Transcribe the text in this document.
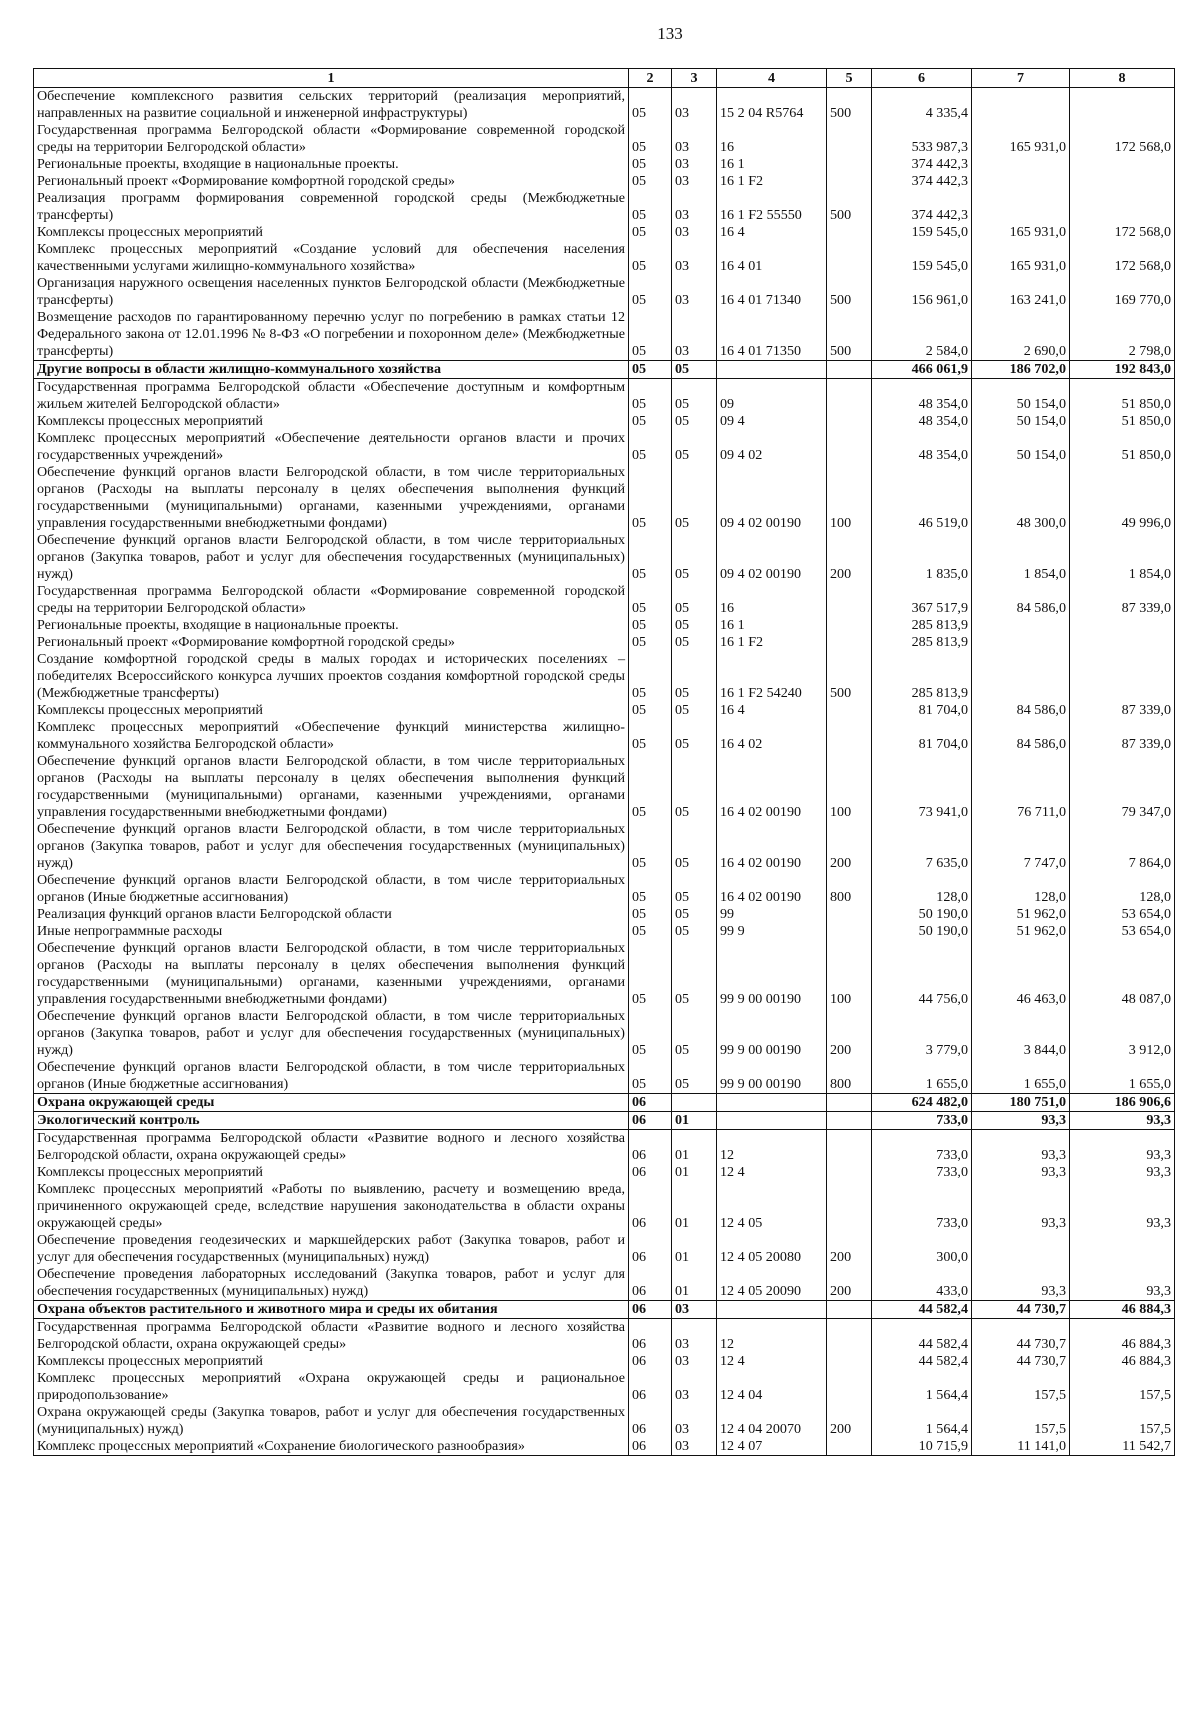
133
1	2	3	4	5	6	7	8
Обеспечение комплексного развития сельских территорий (реализация мероприятий, направленных на развитие социальной и инженерной инфраструктуры)	05	03	15 2 04 R5764	500	4 335,4		
Государственная программа Белгородской области «Формирование современной городской среды на территории Белгородской области»	05	03	16		533 987,3	165 931,0	172 568,0
Региональные проекты, входящие в национальные проекты.	05	03	16 1		374 442,3		
Региональный проект «Формирование комфортной городской среды»	05	03	16 1 F2		374 442,3		
Реализация программ формирования современной городской среды (Межбюджетные трансферты)	05	03	16 1 F2 55550	500	374 442,3		
Комплексы процессных мероприятий	05	03	16 4		159 545,0	165 931,0	172 568,0
Комплекс процессных мероприятий «Создание условий для обеспечения населения качественными услугами жилищно-коммунального хозяйства»	05	03	16 4 01		159 545,0	165 931,0	172 568,0
Организация наружного освещения населенных пунктов Белгородской области (Межбюджетные трансферты)	05	03	16 4 01 71340	500	156 961,0	163 241,0	169 770,0
Возмещение расходов по гарантированному перечню услуг по погребению в рамках статьи 12 Федерального закона от 12.01.1996 № 8-ФЗ «О погребении и похоронном деле» (Межбюджетные трансферты)	05	03	16 4 01 71350	500	2 584,0	2 690,0	2 798,0
Другие вопросы в области жилищно-коммунального хозяйства	05	05			466 061,9	186 702,0	192 843,0
Государственная программа Белгородской области «Обеспечение доступным и комфортным жильем жителей Белгородской области»	05	05	09		48 354,0	50 154,0	51 850,0
Комплексы процессных мероприятий	05	05	09 4		48 354,0	50 154,0	51 850,0
Комплекс процессных мероприятий «Обеспечение деятельности органов власти и прочих государственных учреждений»	05	05	09 4 02		48 354,0	50 154,0	51 850,0
Обеспечение функций органов власти Белгородской области, в том числе территориальных органов (Расходы на выплаты персоналу в целях обеспечения выполнения функций государственными (муниципальными) органами, казенными учреждениями, органами управления государственными внебюджетными фондами)	05	05	09 4 02 00190	100	46 519,0	48 300,0	49 996,0
Обеспечение функций органов власти Белгородской области, в том числе территориальных органов (Закупка товаров, работ и услуг для обеспечения государственных (муниципальных) нужд)	05	05	09 4 02 00190	200	1 835,0	1 854,0	1 854,0
Государственная программа Белгородской области «Формирование современной городской среды на территории Белгородской области»	05	05	16		367 517,9	84 586,0	87 339,0
Региональные проекты, входящие в национальные проекты.	05	05	16 1		285 813,9		
Региональный проект «Формирование комфортной городской среды»	05	05	16 1 F2		285 813,9		
Создание комфортной городской среды в малых городах и исторических поселениях – победителях Всероссийского конкурса лучших проектов создания комфортной городской среды (Межбюджетные трансферты)	05	05	16 1 F2 54240	500	285 813,9		
Комплексы процессных мероприятий	05	05	16 4		81 704,0	84 586,0	87 339,0
Комплекс процессных мероприятий «Обеспечение функций министерства жилищно-коммунального хозяйства Белгородской области»	05	05	16 4 02		81 704,0	84 586,0	87 339,0
Обеспечение функций органов власти Белгородской области, в том числе территориальных органов (Расходы на выплаты персоналу в целях обеспечения выполнения функций государственными (муниципальными) органами, казенными учреждениями, органами управления государственными внебюджетными фондами)	05	05	16 4 02 00190	100	73 941,0	76 711,0	79 347,0
Обеспечение функций органов власти Белгородской области, в том числе территориальных органов (Закупка товаров, работ и услуг для обеспечения государственных (муниципальных) нужд)	05	05	16 4 02 00190	200	7 635,0	7 747,0	7 864,0
Обеспечение функций органов власти Белгородской области, в том числе территориальных органов (Иные бюджетные ассигнования)	05	05	16 4 02 00190	800	128,0	128,0	128,0
Реализация функций органов власти Белгородской области	05	05	99		50 190,0	51 962,0	53 654,0
Иные непрограммные расходы	05	05	99 9		50 190,0	51 962,0	53 654,0
Обеспечение функций органов власти Белгородской области, в том числе территориальных органов (Расходы на выплаты персоналу в целях обеспечения выполнения функций государственными (муниципальными) органами, казенными учреждениями, органами управления государственными внебюджетными фондами)	05	05	99 9 00 00190	100	44 756,0	46 463,0	48 087,0
Обеспечение функций органов власти Белгородской области, в том числе территориальных органов (Закупка товаров, работ и услуг для обеспечения государственных (муниципальных) нужд)	05	05	99 9 00 00190	200	3 779,0	3 844,0	3 912,0
Обеспечение функций органов власти Белгородской области, в том числе территориальных органов (Иные бюджетные ассигнования)	05	05	99 9 00 00190	800	1 655,0	1 655,0	1 655,0
Охрана окружающей среды	06				624 482,0	180 751,0	186 906,6
Экологический контроль	06	01			733,0	93,3	93,3
Государственная программа Белгородской области «Развитие водного и лесного хозяйства Белгородской области, охрана окружающей среды»	06	01	12		733,0	93,3	93,3
Комплексы процессных мероприятий	06	01	12 4		733,0	93,3	93,3
Комплекс процессных мероприятий «Работы по выявлению, расчету и возмещению вреда, причиненного окружающей среде, вследствие нарушения законодательства в области охраны окружающей среды»	06	01	12 4 05		733,0	93,3	93,3
Обеспечение проведения геодезических и маркшейдерских работ (Закупка товаров, работ и услуг для обеспечения государственных (муниципальных) нужд)	06	01	12 4 05 20080	200	300,0		
Обеспечение проведения лабораторных исследований (Закупка товаров, работ и услуг для обеспечения государственных (муниципальных) нужд)	06	01	12 4 05 20090	200	433,0	93,3	93,3
Охрана объектов растительного и животного мира и среды их обитания	06	03			44 582,4	44 730,7	46 884,3
Государственная программа Белгородской области «Развитие водного и лесного хозяйства Белгородской области, охрана окружающей среды»	06	03	12		44 582,4	44 730,7	46 884,3
Комплексы процессных мероприятий	06	03	12 4		44 582,4	44 730,7	46 884,3
Комплекс процессных мероприятий «Охрана окружающей среды и рациональное природопользование»	06	03	12 4 04		1 564,4	157,5	157,5
Охрана окружающей среды (Закупка товаров, работ и услуг для обеспечения государственных (муниципальных) нужд)	06	03	12 4 04 20070	200	1 564,4	157,5	157,5
Комплекс процессных мероприятий «Сохранение биологического разнообразия»	06	03	12 4 07		10 715,9	11 141,0	11 542,7
